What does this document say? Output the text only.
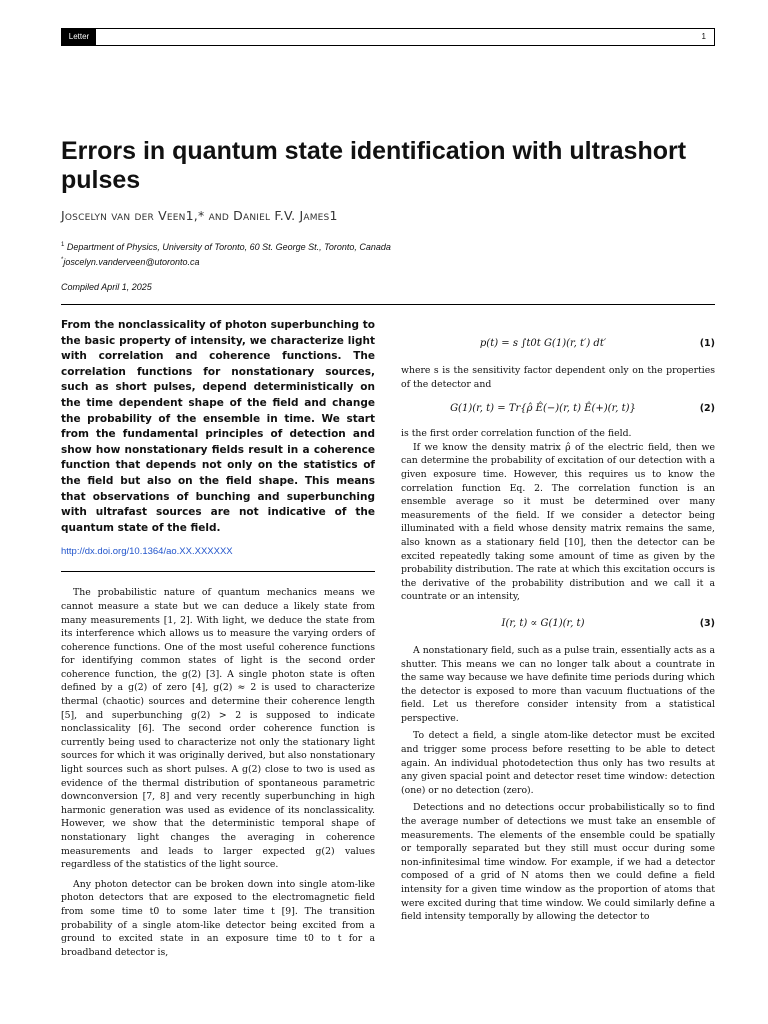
Letter	1
Errors in quantum state identification with ultrashort pulses
Joscelyn van der Veen1,* and Daniel F.V. James1
$^1$ Department of Physics, University of Toronto, 60 St. George St., Toronto, Canada
*joscelyn.vanderveen@utoronto.ca
Compiled April 1, 2025

From the nonclassicality of photon superbunching to the basic property of intensity, we characterize light with correlation and coherence functions. The correlation functions for nonstationary sources, such as short pulses, depend deterministically on the time dependent shape of the field and change the probability of the ensemble in time. We start from the fundamental principles of detection and show how nonstationary fields result in a coherence function that depends not only on the statistics of the field but also on the field shape. This means that observations of bunching and superbunching with ultrafast sources are not indicative of the quantum state of the field.

http://dx.doi.org/10.1364/ao.XX.XXXXXX

The probabilistic nature of quantum mechanics means we cannot measure a state but we can deduce a likely state from many measurements [1, 2]. With light, we deduce the state from its interference which allows us to measure the varying orders of coherence functions. One of the most useful coherence functions for identifying common states of light is the second order coherence function, the g(2) [3]. A single photon state is often defined by a g(2) of zero [4], g(2) ≈ 2 is used to characterize thermal (chaotic) sources and determine their coherence length [5], and superbunching g(2) > 2 is supposed to indicate nonclassicality [6]. The second order coherence function is currently being used to characterize not only the stationary light sources for which it was originally derived, but also nonstationary light sources such as short pulses. A g(2) close to two is used as evidence of the thermal distribution of spontaneous parametric downconversion [7, 8] and very recently superbunching in high harmonic generation was used as evidence of its nonclassicality. However, we show that the deterministic temporal shape of nonstationary light changes the averaging in coherence measurements and leads to larger expected g(2) values regardless of the statistics of the light source.

Any photon detector can be broken down into single atom-like photon detectors that are exposed to the electromagnetic field from some time t0 to some later time t [9]. The transition probability of a single atom-like detector being excited from a ground to excited state in an exposure time t0 to t for a broadband detector is,

p(t) = s ∫t0t G(1)(r, t′) dt′	(1)

where s is the sensitivity factor dependent only on the properties of the detector and

G(1)(r, t) = Tr{ρ̂ Ê(−)(r, t) Ê(+)(r, t)}	(2)

is the first order correlation function of the field.

If we know the density matrix ρ̂ of the electric field, then we can determine the probability of excitation of our detection with a given exposure time. However, this requires us to know the correlation function Eq. 2. The correlation function is an ensemble average so it must be determined over many measurements of the field. If we consider a detector being illuminated with a field whose density matrix remains the same, also known as a stationary field [10], then the detector can be excited repeatedly taking some amount of time as given by the probability distribution. The rate at which this excitation occurs is the derivative of the probability distribution and we call it a countrate or an intensity,

I(r, t) ∝ G(1)(r, t)	(3)

A nonstationary field, such as a pulse train, essentially acts as a shutter. This means we can no longer talk about a countrate in the same way because we have definite time periods during which the detector is exposed to more than vacuum fluctuations of the field. Let us therefore consider intensity from a statistical perspective.

To detect a field, a single atom-like detector must be excited and trigger some process before resetting to be able to detect again. An individual photodetection thus only has two results at any given spacial point and detector reset time window: detection (one) or no detection (zero).

Detections and no detections occur probabilistically so to find the average number of detections we must take an ensemble of measurements. The elements of the ensemble could be spatially or temporally separated but they still must occur during some non-infinitesimal time window. For example, if we had a detector composed of a grid of N atoms then we could define a field intensity for a given time window as the proportion of atoms that were excited during that time window. We could similarly define a field intensity temporally by allowing the detector to
